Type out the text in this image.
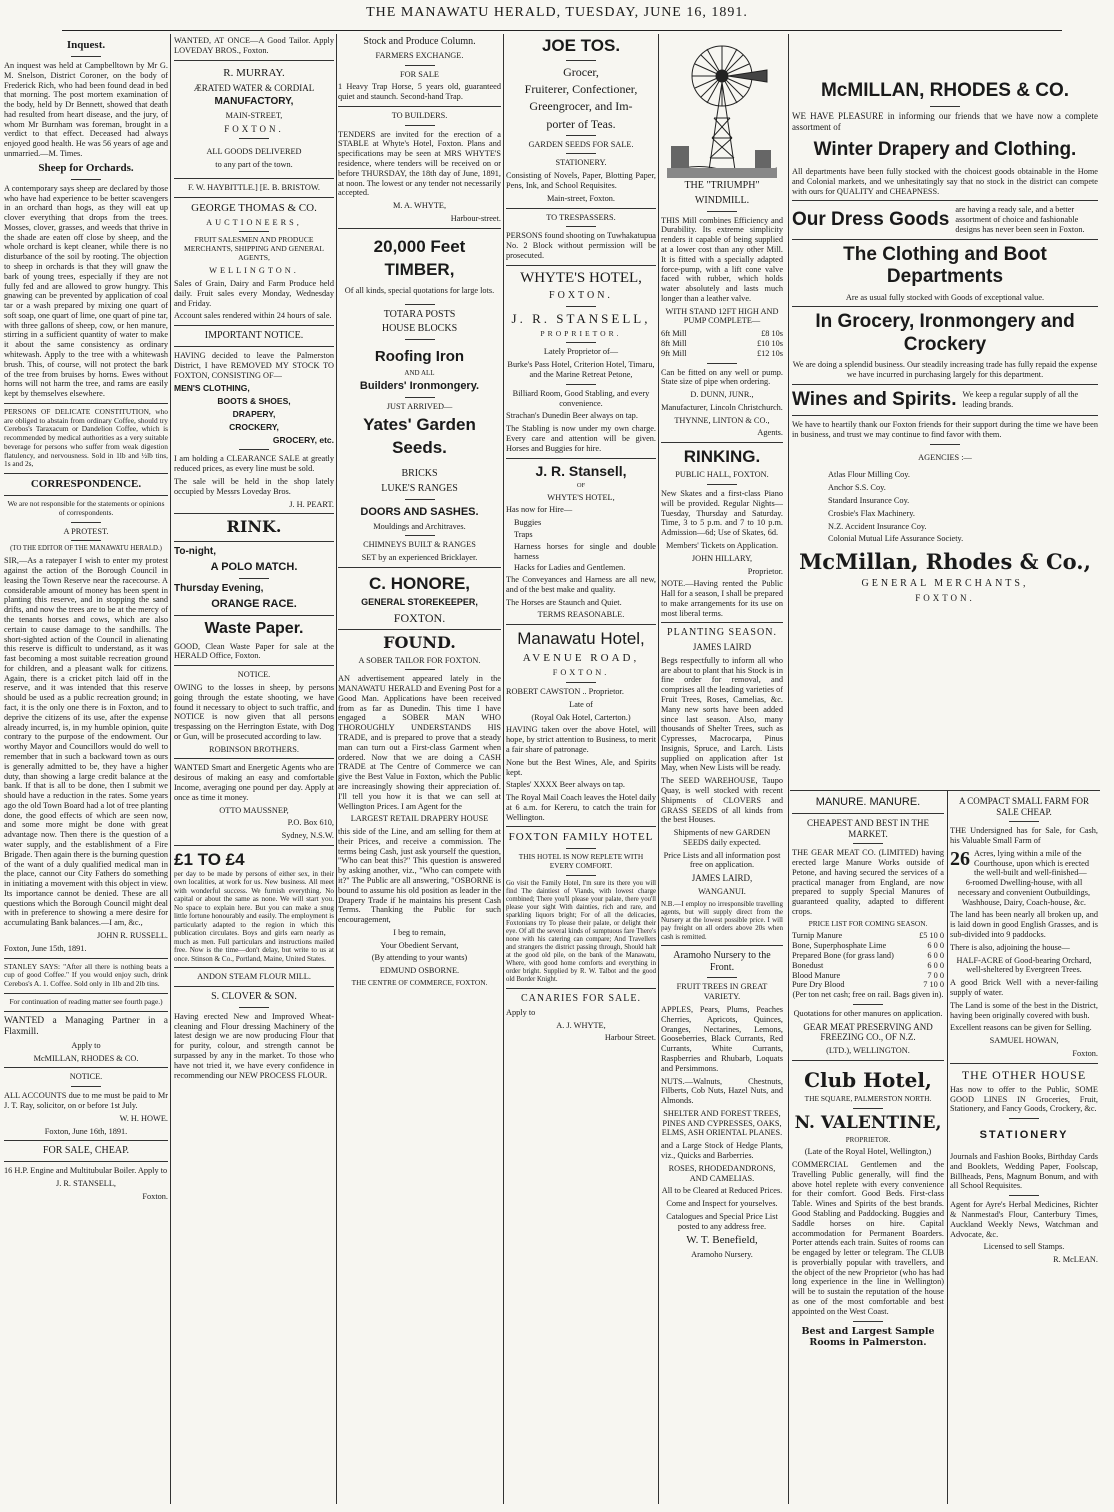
THE MANAWATU HERALD, TUESDAY, JUNE 16, 1891.
Inquest.

An inquest was held at Campbelltown by Mr G. M. Snelson, District Coroner, on the body of Frederick Rich, who had been found dead in bed that morning. The post mortem examination of the body, held by Dr Bennett, showed that death had resulted from heart disease, and the jury, of whom Mr Burnham was foreman, brought in a verdict to that effect. Deceased had always enjoyed good health. He was 56 years of age and unmarried.—M. Times.

Sheep for Orchards.

A contemporary says sheep are declared by those who have had experience to be better scavengers in an orchard than hogs, as they will eat up clover everything that drops from the trees. Mosses, clover, grasses, and weeds that thrive in the shade are eaten off close by sheep, and the whole orchard is kept cleaner, while there is no disturbance of the soil by rooting. The objection to sheep in orchards is that they will gnaw the bark of young trees, especially if they are not fully fed and are allowed to grow hungry. This gnawing can be prevented by application of coal tar or a wash prepared by mixing one quart of soft soap, one quart of lime, one quart of pine tar, with three gallons of sheep, cow, or hen manure, stirring in a sufficient quantity of water to make it about the same consistency as ordinary whitewash. Apply to the tree with a whitewash brush. This, of course, will not protect the bark of the tree from bruises by horns. Ewes without horns will not harm the tree, and rams are easily kept by themselves elsewhere.

PERSONS OF DELICATE CONSTITUTION, who are obliged to abstain from ordinary Coffee, should try Cerebos's Taraxacum or Dandelion Coffee, which is recommended by medical authorities as a very suitable beverage for persons who suffer from weak digestion flatulency, and nervousness. Sold in 1lb and ½lb tins, 1s and 2s,

CORRESPONDENCE.

We are not responsible for the statements or opinions of correspondents.

A PROTEST.

(TO THE EDITOR OF THE MANAWATU HERALD.)

SIR,—As a ratepayer I wish to enter my protest against the action of the Borough Council in leasing the Town Reserve near the racecourse. A considerable amount of money has been spent in planting this reserve, and in stopping the sand drifts, and now the trees are to be at the mercy of the tenants horses and cows, which are also certain to cause damage to the sandhills. The short-sighted action of the Council in alienating this reserve is difficult to understand, as it was fast becoming a most suitable recreation ground for children, and a pleasant walk for citizens. Again, there is a cricket pitch laid off in the reserve, and it was intended that this reserve should be used as a public recreation ground; in fact, it is the only one there is in Foxton, and to deprive the citizens of its use, after the expense already incurred, is, in my humble opinion, quite contrary to the purpose of the endowment. Our worthy Mayor and Councillors would do well to remember that in such a backward town as ours is generally admitted to be, they have a higher duty, than showing a large credit balance at the bank. If that is all to be done, then I submit we should have a reduction in the rates. Some years ago the old Town Board had a lot of tree planting done, the good effects of which are seen now, and some more might be done with great advantage now. Then there is the question of a water supply, and the establishment of a Fire Brigade. Then again there is the burning question of the want of a duly qualified medical man in the place, cannot our City Fathers do something in initiating a movement with this object in view. Its importance cannot be denied. These are all questions which the Borough Council might deal with in preference to showing a mere desire for accumulating Bank balances.—I am, &c.,

JOHN R. RUSSELL.

Foxton, June 15th, 1891.

STANLEY SAYS: "After all there is nothing beats a cup of good Coffee." If you would enjoy such, drink Cerebos's A. 1. Coffee. Sold only in 1lb and 2lb tins.

For continuation of reading matter see fourth page.)

WANTED a Managing Partner in a Flaxmill.

Apply to

McMILLAN, RHODES & CO.

NOTICE.

ALL ACCOUNTS due to me must be paid to Mr J. T. Ray, solicitor, on or before 1st July.

W. H. HOWE.

Foxton, June 16th, 1891.

FOR SALE, CHEAP.

16 H.P. Engine and Multitubular Boiler. Apply to

J. R. STANSELL,

Foxton.

WANTED, AT ONCE—A Good Tailor. Apply LOVEDAY BROS., Foxton.

R. MURRAY.

ÆRATED WATER & CORDIAL

MANUFACTORY,

MAIN-STREET,

FOXTON.

ALL GOODS DELIVERED

to any part of the town.

F. W. HAYBITTLE.] [E. B. BRISTOW.

GEORGE THOMAS & CO.

AUCTIONEERS,

FRUIT SALESMEN AND PRODUCE MERCHANTS, SHIPPING AND GENERAL AGENTS,

WELLINGTON.

Sales of Grain, Dairy and Farm Produce held daily. Fruit sales every Monday, Wednesday and Friday.

Account sales rendered within 24 hours of sale.

IMPORTANT NOTICE.

HAVING decided to leave the Palmerston District, I have REMOVED MY STOCK TO FOXTON, CONSISTING OF—

MEN'S CLOTHING,

BOOTS & SHOES,

DRAPERY,

CROCKERY,

GROCERY, etc.

I am holding a CLEARANCE SALE at greatly reduced prices, as every line must be sold.

The sale will be held in the shop lately occupied by Messrs Loveday Bros.

J. H. PEART.

RINK.

To-night,

A POLO MATCH.

Thursday Evening,

ORANGE RACE.

Waste Paper.

GOOD, Clean Waste Paper for sale at the HERALD Office, Foxton.

NOTICE.

OWING to the losses in sheep, by persons going through the estate shooting, we have found it necessary to object to such traffic, and NOTICE is now given that all persons trespassing on the Herrington Estate, with Dog or Gun, will be prosecuted according to law.

ROBINSON BROTHERS.

WANTED Smart and Energetic Agents who are desirous of making an easy and comfortable Income, averaging one pound per day. Apply at once as time it money.

OTTO MAUSSNEP,

P.O. Box 610,

Sydney, N.S.W.

£1 TO £4

per day to be made by persons of either sex, in their own localities, at work for us. New business. All meet with wonderful success. We furnish everything. No capital or about the same as none. We will start you. No space to explain here. But you can make a snug little fortune honourably and easily. The employment is particularly adapted to the region in which this publication circulates. Boys and girls earn nearly as much as men. Full particulars and instructions mailed free. Now is the time—don't delay, but write to us at once. Stinson & Co., Portland, Maine, United States.

ANDON STEAM FLOUR MILL.

S. CLOVER & SON.

Having erected New and Improved Wheat-cleaning and Flour dressing Machinery of the latest design we are now producing Flour that for purity, colour, and strength cannot be surpassed by any in the market. To those who have not tried it, we have every confidence in recommending our NEW PROCESS FLOUR.

Stock and Produce Column.

FARMERS EXCHANGE.

FOR SALE

1 Heavy Trap Horse, 5 years old, guaranteed quiet and staunch. Second-hand Trap.

TO BUILDERS.

TENDERS are invited for the erection of a STABLE at Whyte's Hotel, Foxton. Plans and specifications may be seen at MRS WHYTE'S residence, where tenders will be received on or before THURSDAY, the 18th day of June, 1891, at noon. The lowest or any tender not necessarily accepted.

M. A. WHYTE,

Harbour-street.

20,000 Feet

TIMBER,

Of all kinds, special quotations for large lots.

TOTARA POSTS

HOUSE BLOCKS

Roofing Iron

AND ALL

Builders' Ironmongery.

JUST ARRIVED—

Yates' Garden

Seeds.

BRICKS

LUKE'S RANGES

DOORS AND SASHES.

Mouldings and Architraves.

CHIMNEYS BUILT & RANGES

SET by an experienced Bricklayer.

C. HONORE,

GENERAL STOREKEEPER,

FOXTON.

FOUND.

A SOBER TAILOR FOR FOXTON.

AN advertisement appeared lately in the MANAWATU HERALD and Evening Post for a Good Man. Applications have been received from as far as Dunedin. This time I have engaged a SOBER MAN WHO THOROUGHLY UNDERSTANDS HIS TRADE, and is prepared to prove that a steady man can turn out a First-class Garment when ordered. Now that we are doing a CASH TRADE at The Centre of Commerce we can give the Best Value in Foxton, which the Public are increasingly showing their appreciation of. I'll tell you how it is that we can sell at Wellington Prices. I am Agent for the

LARGEST RETAIL DRAPERY HOUSE

this side of the Line, and am selling for them at their Prices, and receive a commission. The terms being Cash, just ask yourself the question, "Who can beat this?" This question is answered by asking another, viz., "Who can compete with it?" The Public are all answering, "OSBORNE is bound to assume his old position as leader in the Drapery Trade if he maintains his present Cash Terms. Thanking the Public for such encouragement,

I beg to remain,

Your Obedient Servant,

(By attending to your wants)

EDMUND OSBORNE.

THE CENTRE OF COMMERCE, FOXTON.

JOE TOS.

Grocer,

Fruiterer, Confectioner,

Greengrocer, and Im-

porter of Teas.

GARDEN SEEDS FOR SALE.

STATIONERY.

Consisting of Novels, Paper, Blotting Paper, Pens, Ink, and School Requisites.

Main-street, Foxton.

TO TRESPASSERS.

PERSONS found shooting on Tuwhakatupua No. 2 Block without permission will be prosecuted.

WHYTE'S HOTEL,

FOXTON.

J. R. STANSELL,

PROPRIETOR.

Lately Proprietor of—

Burke's Pass Hotel, Criterion Hotel, Timaru, and the Marine Retreat Petone,

Billiard Room, Good Stabling, and every convenience.

Strachan's Dunedin Beer always on tap.

The Stabling is now under my own charge. Every care and attention will be given. Horses and Buggies for hire.

J. R. Stansell,

OF

WHYTE'S HOTEL,

Has now for Hire—

Buggies

Traps

Harness horses for single and double harness

Hacks for Ladies and Gentlemen.

The Conveyances and Harness are all new, and of the best make and quality.

The Horses are Staunch and Quiet.

TERMS REASONABLE.

Manawatu Hotel,

AVENUE ROAD,

FOXTON.

ROBERT CAWSTON .. Proprietor.

Late of

(Royal Oak Hotel, Carterton.)

HAVING taken over the above Hotel, will hope, by strict attention to Business, to merit a fair share of patronage.

None but the Best Wines, Ale, and Spirits kept.

Staples' XXXX Beer always on tap.

The Royal Mail Coach leaves the Hotel daily at 6 a.m. for Kereru, to catch the train for Wellington.

FOXTON FAMILY HOTEL

THIS HOTEL IS NOW REPLETE WITH EVERY COMFORT.

Go visit the Family Hotel, I'm sure its there you will find The daintiest of Viands, with lowest charge combined; There you'll please your palate, there you'll please your sight With dainties, rich and rare, and sparkling liquors bright; For of all the delicacies, Foxtonians try To please their palate, or delight their eye. Of all the several kinds of sumptuous fare There's none with his catering can compare; And Travellers and strangers the district passing through, Should halt at the good old pile, on the bank of the Manawatu, Where, with good home comforts and everything in order bright. Supplied by R. W. Talbot and the good old Border Knight.

CANARIES FOR SALE.

Apply to

A. J. WHYTE,

Harbour Street.

THE "TRIUMPH"

WINDMILL.

THIS Mill combines Efficiency and Durability. Its extreme simplicity renders it capable of being supplied at a lower cost than any other Mill. It is fitted with a specially adapted force-pump, with a lift cone valve faced with rubber, which holds water absolutely and lasts much longer than a leather valve.

WITH STAND 12FT HIGH AND PUMP COMPLETE—

6ft Mill	£8 10s
8ft Mill	£10 10s
9ft Mill	£12 10s

Can be fitted on any well or pump. State size of pipe when ordering.

D. DUNN, JUNR.,

Manufacturer, Lincoln Christchurch.

THYNNE, LINTON & CO.,

Agents.

RINKING.

PUBLIC HALL, FOXTON.

New Skates and a first-class Piano will be provided. Regular Nights—Tuesday, Thursday and Saturday. Time, 3 to 5 p.m. and 7 to 10 p.m. Admission—6d; Use of Skates, 6d.

Members' Tickets on Application.

JOHN HILLARY,

Proprietor.

NOTE.—Having rented the Public Hall for a season, I shall be prepared to make arrangements for its use on most liberal terms.

PLANTING SEASON.

JAMES LAIRD

Begs respectfully to inform all who are about to plant that his Stock is in fine order for removal, and comprises all the leading varieties of Fruit Trees, Roses, Camelias, &c. Many new sorts have been added since last season. Also, many thousands of Shelter Trees, such as Cypresses, Macrocarpa, Pinus Insignis, Spruce, and Larch. Lists supplied on application after 1st May, when New Lists will be ready.

The SEED WAREHOUSE, Taupo Quay, is well stocked with recent Shipments of CLOVERS and GRASS SEEDS of all kinds from the best Houses.

Shipments of new GARDEN SEEDS daily expected.

Price Lists and all information post free on application.

JAMES LAIRD,

WANGANUI.

N.B.—I employ no irresponsible travelling agents, but will supply direct from the Nursery at the lowest possible price. I will pay freight on all orders above 20s when cash is remitted.

Aramoho Nursery to the Front.

FRUIT TREES IN GREAT VARIETY.

APPLES, Pears, Plums, Peaches Cherries, Apricots, Quinces, Oranges, Nectarines, Lemons, Gooseberries, Black Currants, Red Currants, White Currants, Raspberries and Rhubarb, Loquats and Persimmons.

NUTS.—Walnuts, Chestnuts, Filberts, Cob Nuts, Hazel Nuts, and Almonds.

SHELTER AND FOREST TREES, PINES AND CYPRESSES, OAKS, ELMS, ASH ORIENTAL PLANES.

and a Large Stock of Hedge Plants, viz., Quicks and Barberries.

ROSES, RHODEDANDRONS, AND CAMELIAS.

All to be Cleared at Reduced Prices.

Come and Inspect for yourselves.

Catalogues and Special Price List posted to any address free.

W. T. Benefield,

Aramoho Nursery.

McMILLAN, RHODES & CO.

WE HAVE PLEASURE in informing our friends that we have now a complete assortment of

Winter Drapery and Clothing.

All departments have been fully stocked with the choicest goods obtainable in the Home and Colonial markets, and we unhesitatingly say that no stock in the district can compete with ours for QUALITY and CHEAPNESS.

Our Dress Goods are having a ready sale, and a better assortment of choice and fashionable designs has never been seen in Foxton.

The Clothing and Boot Departments

Are as usual fully stocked with Goods of exceptional value.

In Grocery, Ironmongery and Crockery

We are doing a splendid business. Our steadily increasing trade has fully repaid the expense we have incurred in purchasing largely for this department.

Wines and Spirits. We keep a regular supply of all the leading brands.

We have to heartily thank our Foxton friends for their support during the time we have been in business, and trust we may continue to find favor with them.

AGENCIES :—

Atlas Flour Milling Coy.

Anchor S.S. Coy.

Standard Insurance Coy.

Crosbie's Flax Machinery.

N.Z. Accident Insurance Coy.

Colonial Mutual Life Assurance Society.

McMillan, Rhodes & Co.,

GENERAL MERCHANTS,

FOXTON.

MANURE. MANURE.

CHEAPEST AND BEST IN THE MARKET.

THE GEAR MEAT CO. (LIMITED) having erected large Manure Works outside of Petone, and having secured the services of a practical manager from England, are now prepared to supply Special Manures of guaranteed quality, adapted to different crops.

PRICE LIST FOR COMING SEASON.

Turnip Manure	£5 10 0
Bone, Superphosphate Lime	6 0 0
Prepared Bone (for grass land)	6 0 0
Bonedust	6 0 0
Blood Manure	7 0 0
Pure Dry Blood	7 10 0

(Per ton net cash; free on rail. Bags given in).

Quotations for other manures on application.

GEAR MEAT PRESERVING AND FREEZING CO., OF N.Z.

(LTD.), WELLINGTON.

Club Hotel,

THE SQUARE, PALMERSTON NORTH.

N. VALENTINE,

PROPRIETOR.

(Late of the Royal Hotel, Wellington,)

COMMERCIAL Gentlemen and the Travelling Public generally, will find the above hotel replete with every convenience for their comfort. Good Beds. First-class Table. Wines and Spirits of the best brands. Good Stabling and Paddocking. Buggies and Saddle horses on hire. Capital accommodation for Permanent Boarders. Porter attends each train. Suites of rooms can be engaged by letter or telegram. The CLUB is proverbially popular with travellers, and the object of the new Proprietor (who has had long experience in the line in Wellington) will be to sustain the reputation of the house as one of the most comfortable and best appointed on the West Coast.

Best and Largest Sample Rooms in Palmerston.

A COMPACT SMALL FARM FOR SALE CHEAP.

THE Undersigned has for Sale, for Cash, his Valuable Small Farm of

26 Acres, lying within a mile of the Courthouse, upon which is erected the well-built and well-finished—

6-roomed Dwelling-house, with all necessary and convenient Outbuildings, Washhouse, Dairy, Coach-house, &c.

The land has been nearly all broken up, and is laid down in good English Grasses, and is sub-divided into 9 paddocks.

There is also, adjoining the house—

HALF-ACRE of Good-bearing Orchard, well-sheltered by Evergreen Trees.

A good Brick Well with a never-failing supply of water.

The Land is some of the best in the District, having been originally covered with bush.

Excellent reasons can be given for Selling.

SAMUEL HOWAN,

Foxton.

THE OTHER HOUSE

Has now to offer to the Public, SOME GOOD LINES IN Groceries, Fruit, Stationery, and Fancy Goods, Crockery, &c.

STATIONERY

Journals and Fashion Books, Birthday Cards and Booklets, Wedding Paper, Foolscap, Billheads, Pens, Magnum Bonum, and with all School Requisites.

Agent for Ayre's Herbal Medicines, Richter & Nanmestad's Flour, Canterbury Times, Auckland Weekly News, Watchman and Advocate, &c.

Licensed to sell Stamps.

R. McLEAN.
